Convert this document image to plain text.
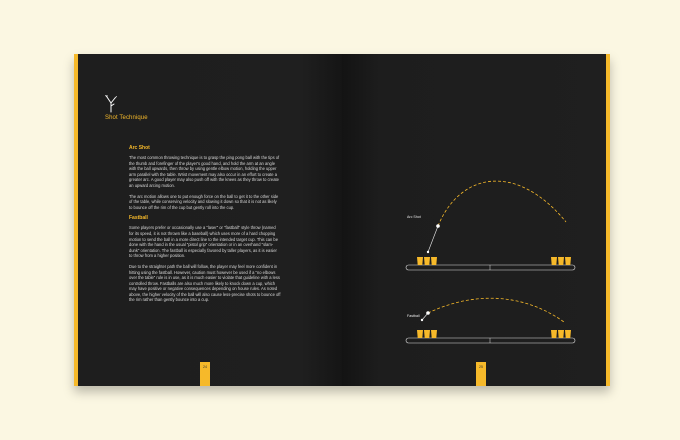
Shot Technique
Arc Shot

The most common throwing technique is to grasp the ping pong ball with the tips of the thumb and forefinger of the player's good hand, and hold the arm at an angle with the ball upwards, then throw by using gentle elbow motion, holding the upper arm parallel with the table. Wrist movement may also occur in an effort to create a greater arc. A good player may also push off with the knees as they throw to create an upward arcing motion.

The arc motion allows one to put enough force on the ball to get it to the other side of the table, while conserving velocity and slowing it down so that it is not as likely to bounce off the rim of the cup but gently roll into the cup.

Fastball

Some players prefer or occasionally use a "laser" or "fastball" style throw (named for its speed, it is not thrown like a baseball) which uses more of a hard chopping motion to send the ball in a more direct line to the intended target cup. This can be done with the hand in the usual "pistol grip" orientation or in an overhand "slam-dunk" orientation. The fastball is especially favored by taller players, as it is easier to throw from a higher position.

Due to the straighter path the ball will follow, the player may feel more confident in hitting using the fastball. However, caution must however be used if a "no elbows over the table" rule is in use, as it is much easier to violate that guideline with a less controlled throw. Fastballs are also much more likely to knock down a cup, which may have positive or negative consequences depending on house rules. As noted above, the higher velocity of the ball will also cause less-precise shots to bounce off the rim rather than gently bounce into a cup.

24
Arc Shot
Fastball
25
